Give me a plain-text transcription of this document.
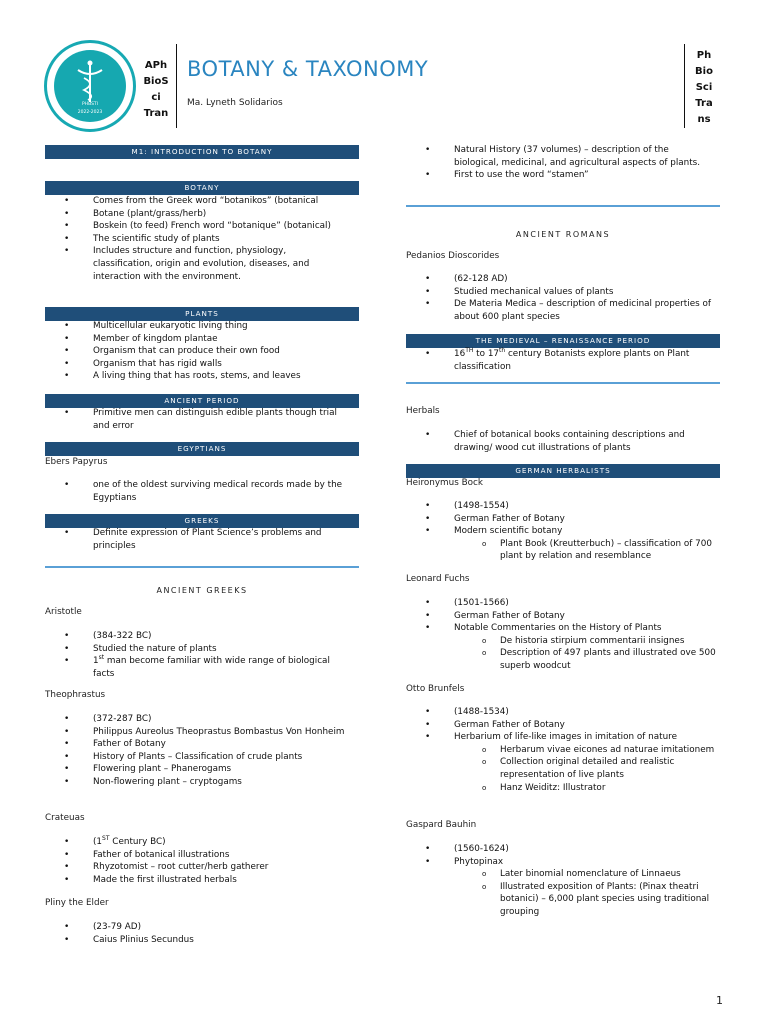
PHBSTI
2022-2023
APh
BioS
ci
Tran
BOTANY & TAXONOMY
Ma. Lyneth Solidarios
Ph
Bio
Sci
Tra
ns
M1: INTRODUCTION TO BOTANY
BOTANY
• Comes from the Greek word “botanikos” (botanical
• Botane (plant/grass/herb)
• Boskein (to feed) French word “botanique” (botanical)
• The scientific study of plants
• Includes structure and function, physiology, classification, origin and evolution, diseases, and interaction with the environment.
PLANTS
• Multicellular eukaryotic living thing
• Member of kingdom plantae
• Organism that can produce their own food
• Organism that has rigid walls
• A living thing that has roots, stems, and leaves
ANCIENT PERIOD
• Primitive men can distinguish edible plants though trial and error
EGYPTIANS
Ebers Papyrus
• one of the oldest surviving medical records made by the Egyptians
GREEKS
• Definite expression of Plant Science’s problems and principles
ANCIENT GREEKS
Aristotle
• (384-322 BC)
• Studied the nature of plants
• 1st man become familiar with wide range of biological facts
Theophrastus
• (372-287 BC)
• Philippus Aureolus Theoprastus Bombastus Von Honheim
• Father of Botany
• History of Plants – Classification of crude plants
• Flowering plant – Phanerogams
• Non-flowering plant – cryptogams
Crateuas
• (1ST Century BC)
• Father of botanical illustrations
• Rhyzotomist – root cutter/herb gatherer
• Made the first illustrated herbals
Pliny the Elder
• (23-79 AD)
• Caius Plinius Secundus
• Natural History (37 volumes) – description of the biological, medicinal, and agricultural aspects of plants.
• First to use the word “stamen”
ANCIENT ROMANS
Pedanios Dioscorides
• (62-128 AD)
• Studied mechanical values of plants
• De Materia Medica – description of medicinal properties of about 600 plant species
THE MEDIEVAL – RENAISSANCE PERIOD
• 16TH to 17th century Botanists explore plants on Plant classification
Herbals
• Chief of botanical books containing descriptions and drawing/ wood cut illustrations of plants
GERMAN HERBALISTS
Heironymus Bock
• (1498-1554)
• German Father of Botany
• Modern scientific botany
o Plant Book (Kreutterbuch) – classification of 700 plant by relation and resemblance
Leonard Fuchs
• (1501-1566)
• German Father of Botany
• Notable Commentaries on the History of Plants
o De historia stirpium commentarii insignes
o Description of 497 plants and illustrated ove 500 superb woodcut
Otto Brunfels
• (1488-1534)
• German Father of Botany
• Herbarium of life-like images in imitation of nature
o Herbarum vivae eicones ad naturae imitationem
o Collection original detailed and realistic representation of live plants
o Hanz Weiditz: Illustrator
Gaspard Bauhin
• (1560-1624)
• Phytopinax
o Later binomial nomenclature of Linnaeus
o Illustrated exposition of Plants: (Pinax theatri botanici) – 6,000 plant species using traditional grouping
1
